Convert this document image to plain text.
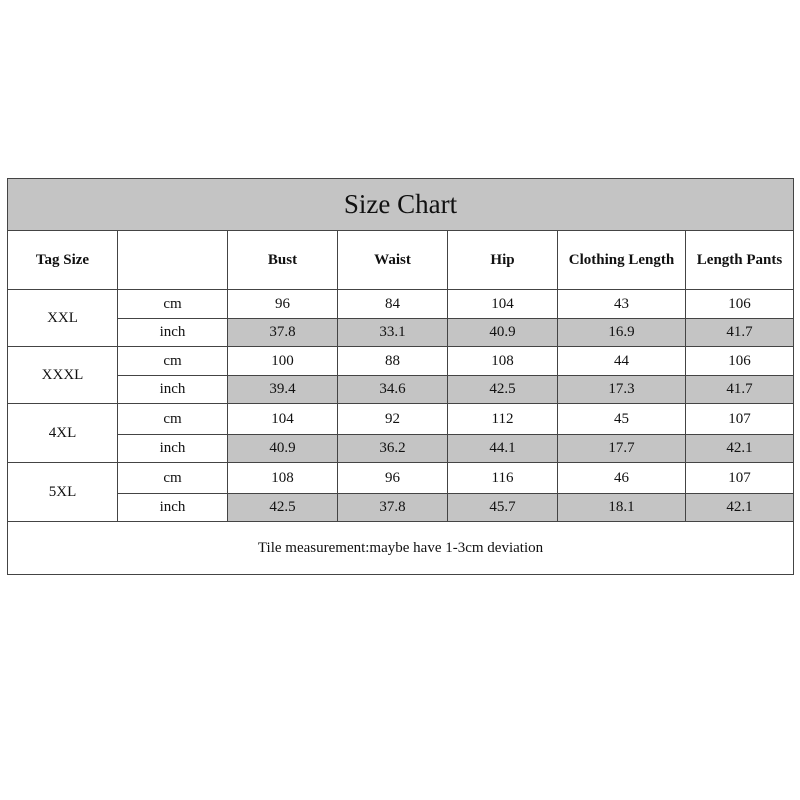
Size Chart						
Tag Size		Bust	Waist	Hip	Clothing Length	Length Pants
XXL	cm	96	84	104	43	106
	inch	37.8	33.1	40.9	16.9	41.7
XXXL	cm	100	88	108	44	106
	inch	39.4	34.6	42.5	17.3	41.7
4XL	cm	104	92	112	45	107
	inch	40.9	36.2	44.1	17.7	42.1
5XL	cm	108	96	116	46	107
	inch	42.5	37.8	45.7	18.1	42.1
Tile measurement:maybe have 1-3cm deviation						
